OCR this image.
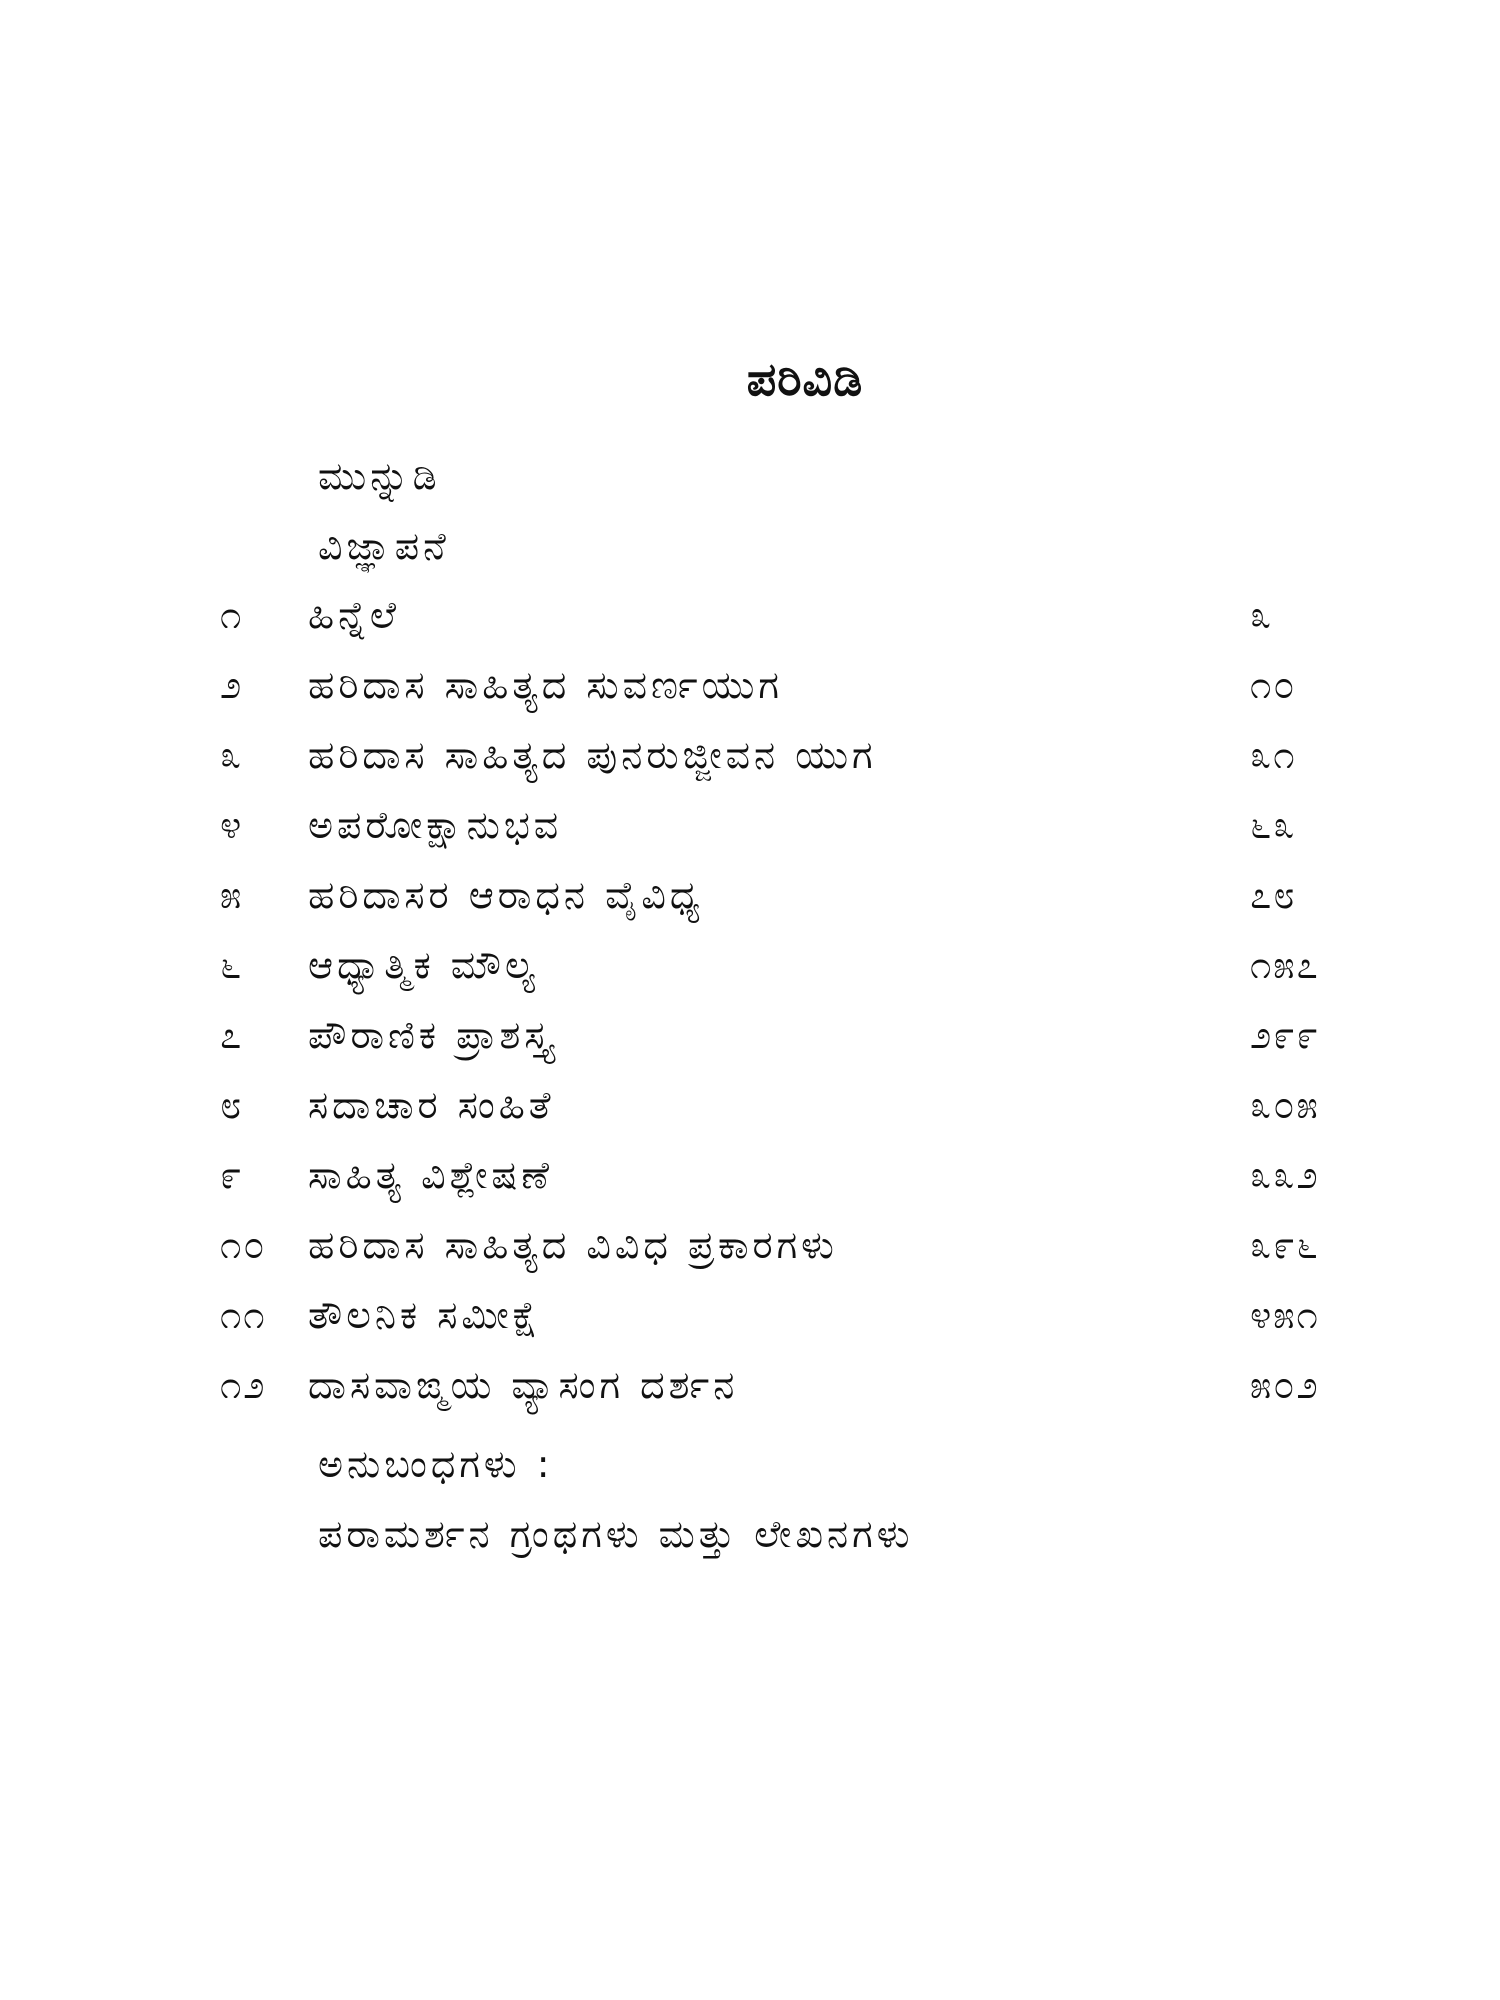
ಪರಿವಿಡಿ
ಮುನ್ನುಡಿ
ವಿಜ್ಞಾಪನೆ
೧ ಹಿನ್ನೆಲೆ	೩
೨ ಹರಿದಾಸ ಸಾಹಿತ್ಯದ ಸುವರ್ಣಯುಗ	೧೦
೩ ಹರಿದಾಸ ಸಾಹಿತ್ಯದ ಪುನರುಜ್ಜೀವನ ಯುಗ	೩೧
೪ ಅಪರೋಕ್ಷಾನುಭವ	೬೩
೫ ಹರಿದಾಸರ ಆರಾಧನ ವೈವಿಧ್ಯ	೭೮
೬ ಆಧ್ಯಾತ್ಮಿಕ ಮೌಲ್ಯ	೧೫೭
೭ ಪೌರಾಣಿಕ ಪ್ರಾಶಸ್ತ್ಯ	೨೯೯
೮ ಸದಾಚಾರ ಸಂಹಿತೆ	೩೦೫
೯ ಸಾಹಿತ್ಯ ವಿಶ್ಲೇಷಣೆ	೩೩೨
೧೦ ಹರಿದಾಸ ಸಾಹಿತ್ಯದ ವಿವಿಧ ಪ್ರಕಾರಗಳು	೩೯೬
೧೧ ತೌಲನಿಕ ಸಮೀಕ್ಷೆ	೪೫೧
೧೨ ದಾಸವಾಙ್ಮಯ ವ್ಯಾಸಂಗ ದರ್ಶನ	೫೦೨
ಅನುಬಂಧಗಳು :
ಪರಾಮರ್ಶನ ಗ್ರಂಥಗಳು ಮತ್ತು ಲೇಖನಗಳು
